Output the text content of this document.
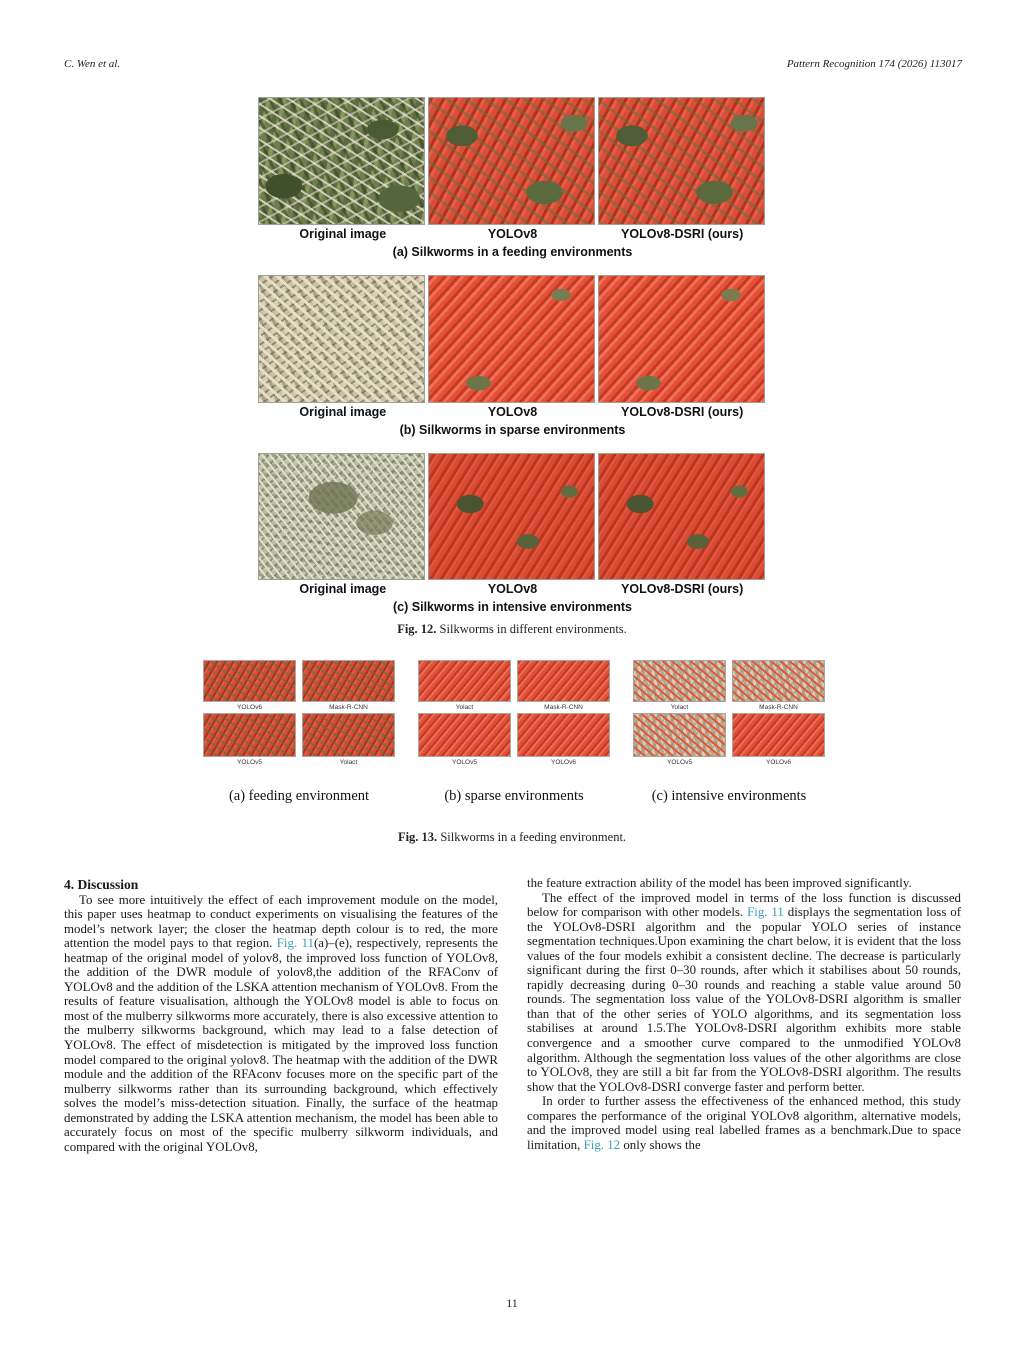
C. Wen et al.	Pattern Recognition 174 (2026) 113017
Original image	YOLOv8	YOLOv8-DSRI (ours)
(a) Silkworms in a feeding environments
Original image	YOLOv8	YOLOv8-DSRI (ours)
(b) Silkworms in sparse environments
Original image	YOLOv8	YOLOv8-DSRI (ours)
(c) Silkworms in intensive environments
Fig. 12. Silkworms in different environments.
YOLOv6	Mask-R-CNN	Yolact	Mask-R-CNN	Yolact	Mask-R-CNN
YOLOv5	Yolact	YOLOv5	YOLOv6	YOLOv5	YOLOv6
(a) feeding environment	(b) sparse environments	(c) intensive environments
Fig. 13. Silkworms in a feeding environment.

4. Discussion

To see more intuitively the effect of each improvement module on the model, this paper uses heatmap to conduct experiments on visualising the features of the model’s network layer; the closer the heatmap depth colour is to red, the more attention the model pays to that region. Fig. 11(a)–(e), respectively, represents the heatmap of the original model of yolov8, the improved loss function of YOLOv8, the addition of the DWR module of yolov8,the addition of the RFAConv of YOLOv8 and the addition of the LSKA attention mechanism of YOLOv8. From the results of feature visualisation, although the YOLOv8 model is able to focus on most of the mulberry silkworms more accurately, there is also excessive attention to the mulberry silkworms background, which may lead to a false detection of YOLOv8. The effect of misdetection is mitigated by the improved loss function model compared to the original yolov8. The heatmap with the addition of the DWR module and the addition of the RFAconv focuses more on the specific part of the mulberry silkworms rather than its surrounding background, which effectively solves the model’s miss-detection situation. Finally, the surface of the heatmap demonstrated by adding the LSKA attention mechanism, the model has been able to accurately focus on most of the specific mulberry silkworm individuals, and compared with the original YOLOv8,

the feature extraction ability of the model has been improved significantly.

The effect of the improved model in terms of the loss function is discussed below for comparison with other models. Fig. 11 displays the segmentation loss of the YOLOv8-DSRI algorithm and the popular YOLO series of instance segmentation techniques.Upon examining the chart below, it is evident that the loss values of the four models exhibit a consistent decline. The decrease is particularly significant during the first 0–30 rounds, after which it stabilises about 50 rounds, rapidly decreasing during 0–30 rounds and reaching a stable value around 50 rounds. The segmentation loss value of the YOLOv8-DSRI algorithm is smaller than that of the other series of YOLO algorithms, and its segmentation loss stabilises at around 1.5.The YOLOv8-DSRI algorithm exhibits more stable convergence and a smoother curve compared to the unmodified YOLOv8 algorithm. Although the segmentation loss values of the other algorithms are close to YOLOv8, they are still a bit far from the YOLOv8-DSRI algorithm. The results show that the YOLOv8-DSRI converge faster and perform better.

In order to further assess the effectiveness of the enhanced method, this study compares the performance of the original YOLOv8 algorithm, alternative models, and the improved model using real labelled frames as a benchmark.Due to space limitation, Fig. 12 only shows the

11
